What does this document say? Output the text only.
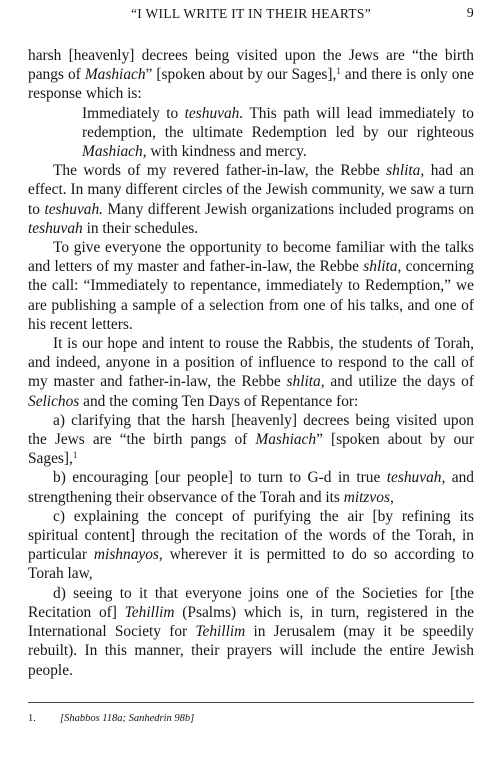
“I WILL WRITE IT IN THEIR HEARTS”	9

harsh [heavenly] decrees being visited upon the Jews are “the birth pangs of Mashiach” [spoken about by our Sages],$^1$ and there is only one response which is:

Immediately to teshuvah. This path will lead immediately to redemption, the ultimate Redemption led by our righteous Mashiach, with kindness and mercy.

The words of my revered father-in-law, the Rebbe shlita, had an effect. In many different circles of the Jewish community, we saw a turn to teshuvah. Many different Jewish organizations included programs on teshuvah in their schedules.

To give everyone the opportunity to become familiar with the talks and letters of my master and father-in-law, the Rebbe shlita, concerning the call: “Immediately to repentance, immediately to Redemption,” we are publishing a sample of a selection from one of his talks, and one of his recent letters.

It is our hope and intent to rouse the Rabbis, the students of Torah, and indeed, anyone in a position of influence to respond to the call of my master and father-in-law, the Rebbe shlita, and utilize the days of Selichos and the coming Ten Days of Repentance for:

a) clarifying that the harsh [heavenly] decrees being visited upon the Jews are “the birth pangs of Mashiach” [spoken about by our Sages],$^1$

b) encouraging [our people] to turn to G-d in true teshuvah, and strengthening their observance of the Torah and its mitzvos,

c) explaining the concept of purifying the air [by refining its spiritual content] through the recitation of the words of the Torah, in particular mishnayos, wherever it is permitted to do so according to Torah law,

d) seeing to it that everyone joins one of the Societies for [the Recitation of] Tehillim (Psalms) which is, in turn, registered in the International Society for Tehillim in Jerusalem (may it be speedily rebuilt). In this manner, their prayers will include the entire Jewish people.

1. [Shabbos 118a; Sanhedrin 98b]
